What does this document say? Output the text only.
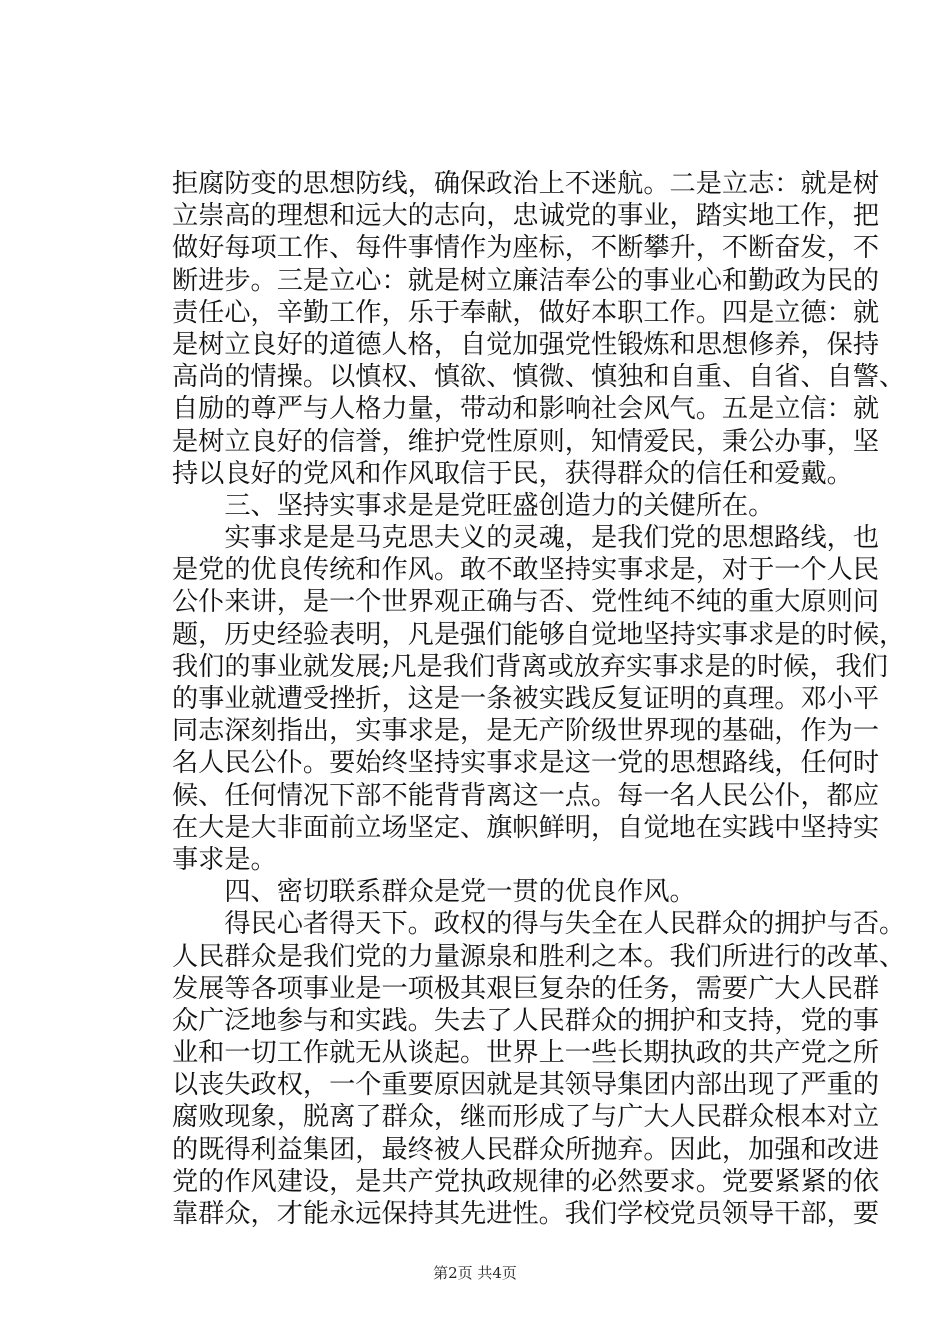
拒腐防变的思想防线，确保政治上不迷航。二是立志：就是树
立崇高的理想和远大的志向，忠诚党的事业，踏实地工作，把
做好每项工作、每件事情作为座标，不断攀升，不断奋发，不
断进步。三是立心：就是树立廉洁奉公的事业心和勤政为民的
责任心，辛勤工作，乐于奉献，做好本职工作。四是立德：就
是树立良好的道德人格，自觉加强党性锻炼和思想修养，保持
高尚的情操。以慎权、慎欲、慎微、慎独和自重、自省、自警、
自励的尊严与人格力量，带动和影响社会风气。五是立信：就
是树立良好的信誉，维护党性原则，知情爱民，秉公办事，坚
持以良好的党风和作风取信于民，获得群众的信任和爱戴。
　　三、坚持实事求是是党旺盛创造力的关健所在。
　　实事求是是马克思夫义的灵魂，是我们党的思想路线，也
是党的优良传统和作风。敢不敢坚持实事求是，对于一个人民
公仆来讲，是一个世界观正确与否、党性纯不纯的重大原则问
题，历史经验表明，凡是强们能够自觉地坚持实事求是的时候，
我们的事业就发展;凡是我们背离或放弃实事求是的时候，我们
的事业就遭受挫折，这是一条被实践反复证明的真理。邓小平
同志深刻指出，实事求是，是无产阶级世界现的基础，作为一
名人民公仆。要始终坚持实事求是这一党的思想路线，任何时
候、任何情况下部不能背背离这一点。每一名人民公仆，都应
在大是大非面前立场坚定、旗帜鲜明，自觉地在实践中坚持实
事求是。
　　四、密切联系群众是党一贯的优良作风。
　　得民心者得天下。政权的得与失全在人民群众的拥护与否。
人民群众是我们党的力量源泉和胜利之本。我们所进行的改革、
发展等各项事业是一项极其艰巨复杂的任务，需要广大人民群
众广泛地参与和实践。失去了人民群众的拥护和支持，党的事
业和一切工作就无从谈起。世界上一些长期执政的共产党之所
以丧失政权，一个重要原因就是其领导集团内部出现了严重的
腐败现象，脱离了群众，继而形成了与广大人民群众根本对立
的既得利益集团，最终被人民群众所抛弃。因此，加强和改进
党的作风建设，是共产党执政规律的必然要求。党要紧紧的依
靠群众，才能永远保持其先进性。我们学校党员领导干部，要
第2页 共4页
